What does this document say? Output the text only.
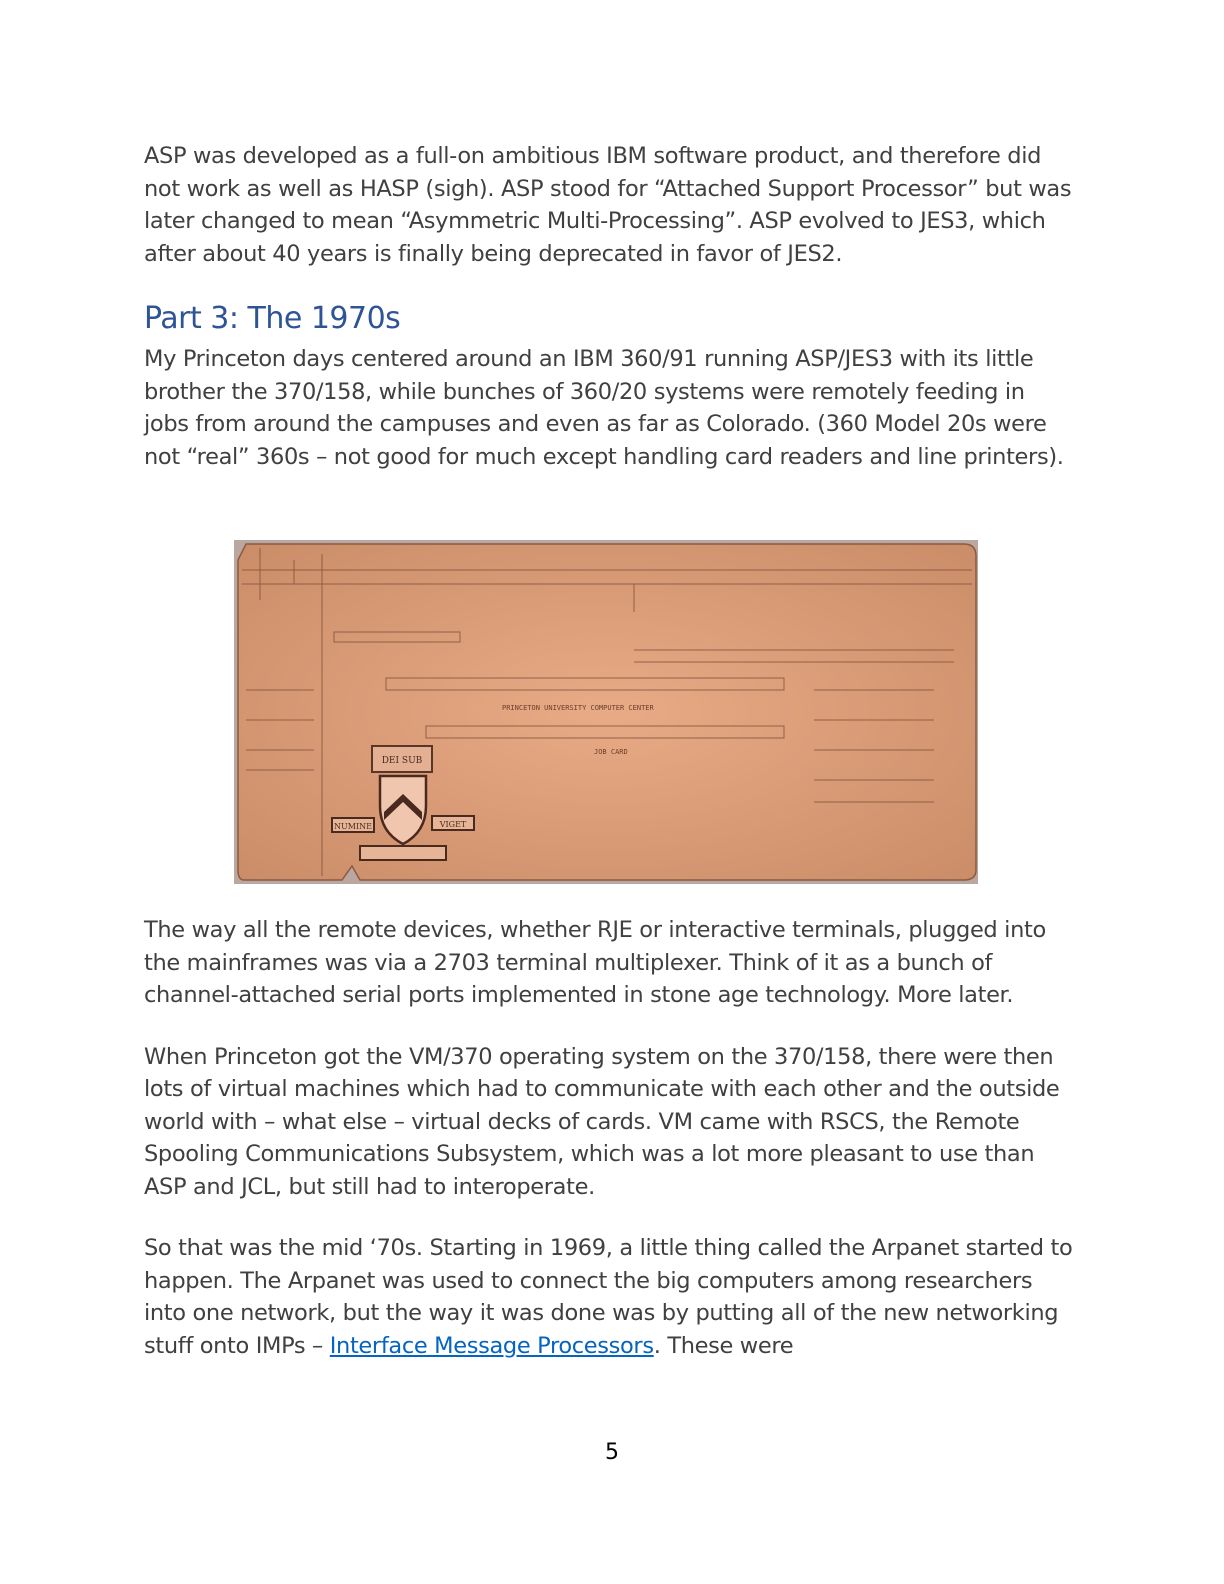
ASP was developed as a full-on ambitious IBM software product, and therefore did not work as well as HASP (sigh). ASP stood for “Attached Support Processor” but was later changed to mean “Asymmetric Multi-Processing”. ASP evolved to JES3, which after about 40 years is finally being deprecated in favor of JES2.

Part 3: The 1970s

My Princeton days centered around an IBM 360/91 running ASP/JES3 with its little brother the 370/158, while bunches of 360/20 systems were remotely feeding in jobs from around the campuses and even as far as Colorado. (360 Model 20s were not “real” 360s – not good for much except handling card readers and line printers).

PRINCETON UNIVERSITY COMPUTER CENTER
JOB CARD
DEI SUB
NUMINE	VIGET

The way all the remote devices, whether RJE or interactive terminals, plugged into the mainframes was via a 2703 terminal multiplexer. Think of it as a bunch of channel-attached serial ports implemented in stone age technology. More later.

When Princeton got the VM/370 operating system on the 370/158, there were then lots of virtual machines which had to communicate with each other and the outside world with – what else – virtual decks of cards. VM came with RSCS, the Remote Spooling Communications Subsystem, which was a lot more pleasant to use than ASP and JCL, but still had to interoperate.

So that was the mid ‘70s. Starting in 1969, a little thing called the Arpanet started to happen. The Arpanet was used to connect the big computers among researchers into one network, but the way it was done was by putting all of the new networking stuff onto IMPs – Interface Message Processors. These were

5
